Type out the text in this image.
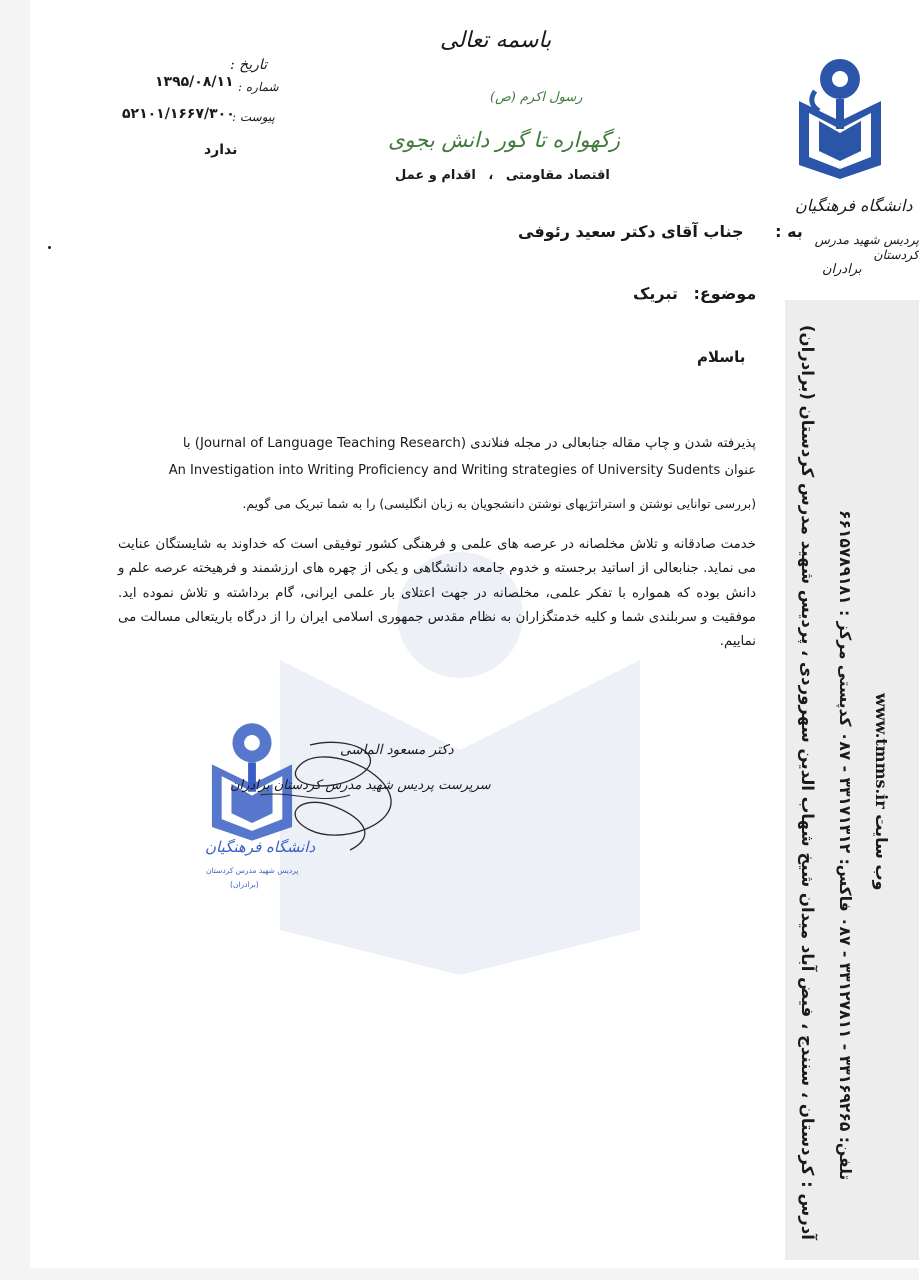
باسمه تعالی
رسول اکرم (ص)
زگهواره تا گور دانش بجوی
اقتصاد مقاومتی ، اقدام و عمل
تاریخ :
۱۳۹۵/۰۸/۱۱ شماره :
۵۲۱۰۱/۱۶۶۷/۳۰۰
پیوست :
ندارد
دانشگاه فرهنگیان
پردیس شهید مدرس کردستان
برادران
به : جناب آقای دکتر سعید رئوفی
موضوع: تبریک
باسلام
پذیرفته شدن و چاپ مقاله جنابعالی در مجله فنلاندی (Journal of Language Teaching Research) با
عنوان An Investigation into Writing Proficiency and Writing strategies of University Sudents
(بررسی توانایی نوشتن و استراتژیهای نوشتن دانشجویان به زبان انگلیسی) را به شما تبریک می گویم.
خدمت صادقانه و تلاش مخلصانه در عرصه های علمی و فرهنگی کشور توفیقی است که خداوند به شایستگان عنایت می نماید. جنابعالی از اساتید برجسته و خدوم جامعه دانشگاهی و یکی از چهره های ارزشمند و فرهیخته عرصه علم و دانش بوده که همواره با تفکر علمی، مخلصانه در جهت اعتلای بار علمی ایرانی، گام برداشته و تلاش نموده اید. موفقیت و سربلندی شما و کلیه خدمتگزاران به نظام مقدس جمهوری اسلامی ایران را از درگاه باریتعالی مسالت می نماییم.
دانشگاه فرهنگیان
پردیس شهید مدرس کردستان
(برادران)
دکتر مسعود الماسی
سرپرست پردیس شهید مدرس کردستان برادران	آدرس : کردستان ، سنندج ، فیض آباد میدان شیخ شهاب الدین سهروردی ، پردیس شهید مدرس کردستان (برادران) تلفن: ۳۳۱۶۹۲۶۵ - ۳۳۱۲۷۸۱۱ - ۰۸۷ فاکس: ۳۳۱۷۱۳۱۲ - ۰۸۷ کدپستی مرکز : ۶۶۱۵۷۸۹۱۸۱
وب سایت www.tmms.ir
